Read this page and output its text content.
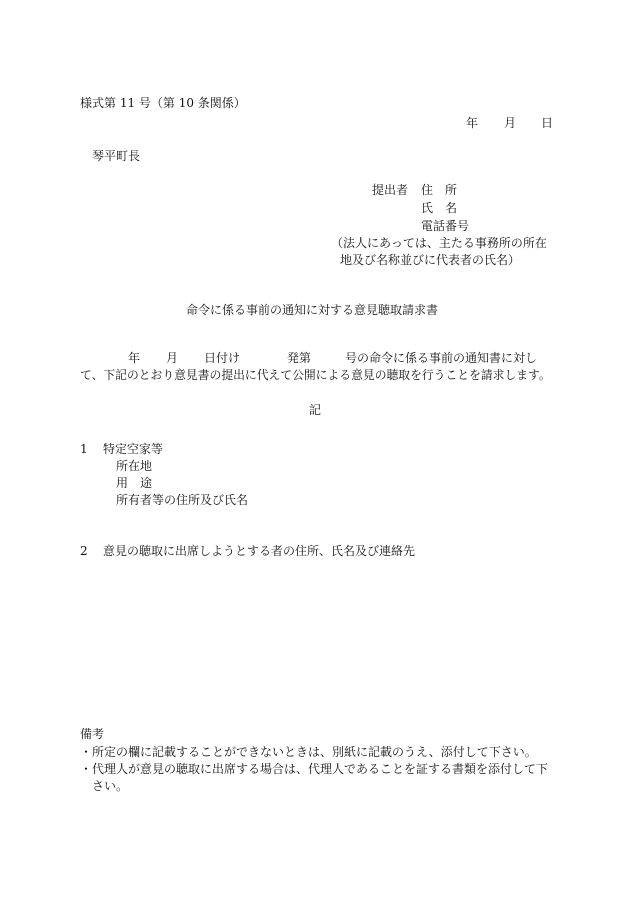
様式第 11 号（第 10 条関係）
年 月 日
琴平町長
提出者 住　所
氏　名
電話番号
（法人にあっては、主たる事務所の所在
地及び名称並びに代表者の氏名）
命令に係る事前の通知に対する意見聴取請求書
年 月 日付け	発第	号の命令に係る事前の通知書に対し
て、下記のとおり意見書の提出に代えて公開による意見の聴取を行うことを請求します。
記
1 特定空家等
所在地
用　途
所有者等の住所及び氏名
2 意見の聴取に出席しようとする者の住所、氏名及び連絡先
備考
・所定の欄に記載することができないときは、別紙に記載のうえ、添付して下さい。
・代理人が意見の聴取に出席する場合は、代理人であることを証する書類を添付して下
さい。
